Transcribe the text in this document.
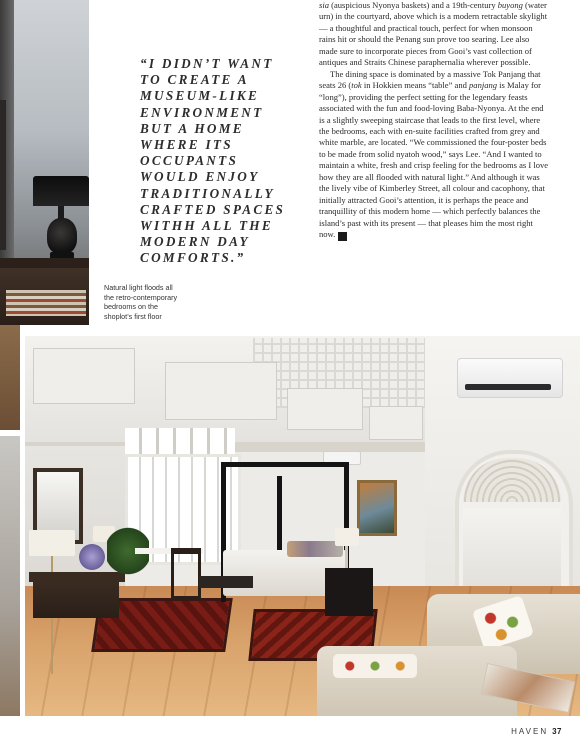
“I DIDN’T WANT TO CREATE A MUSEUM-LIKE ENVIRONMENT BUT A HOME WHERE ITS OCCUPANTS WOULD ENJOY TRADITIONALLY CRAFTED SPACES WITHH ALL THE MODERN DAY COMFORTS.”

Natural light floods all the retro-contemporary bedrooms on the shoplot’s first floor

sia (auspicious Nyonya baskets) and a 19th-century buyong (water urn) in the courtyard, above which is a modern retractable skylight — a thoughtful and practical touch, perfect for when monsoon rains hit or should the Penang sun prove too searing. Lee also made sure to incorporate pieces from Gooi’s vast collection of antiques and Straits Chinese paraphernalia wherever possible.

The dining space is dominated by a massive Tok Panjang that seats 26 (tok in Hokkien means “table” and panjang is Malay for “long”), providing the perfect setting for the legendary feasts associated with the fun and food-loving Baba-Nyonya. At the end is a slightly sweeping staircase that leads to the first level, where the bedrooms, each with en-suite facilities crafted from grey and white marble, are located. “We commissioned the four-poster beds to be made from solid nyatoh wood,” says Lee. “And I wanted to maintain a white, fresh and crisp feeling for the bedrooms as I love how they are all flooded with natural light.” And although it was the lively vibe of Kimberley Street, all colour and cacophony, that initially attracted Gooi’s attention, it is perhaps the peace and tranquillity of this modern home — which perfectly balances the island’s past with its present — that pleases him the most right now. H

HAVEN 37
